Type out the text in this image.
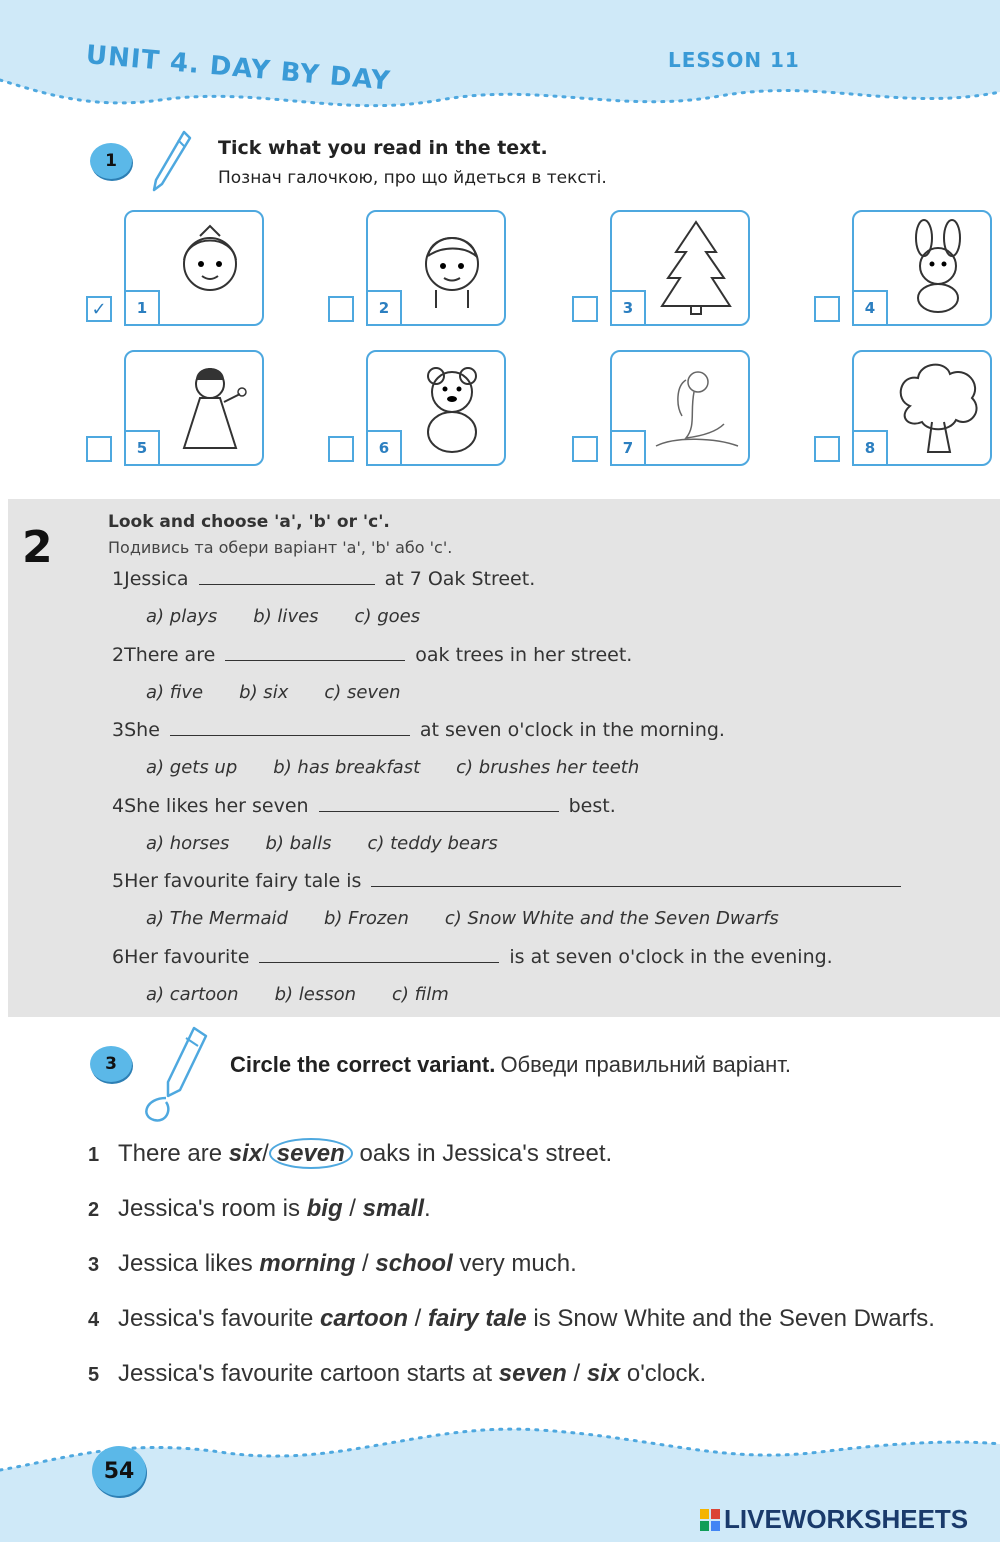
UNIT 4. DAY BY DAY	LESSON 11
1
Tick what you read in the text.
Познач галочкою, про що йдеться в тексті.
✓	1	2	3	4
5	6	7	8
2	Look and choose 'a', 'b' or 'c'.
Подивись та обери варіант 'a', 'b' або 'c'.
1Jessica	at 7 Oak Street.
a) plays b) lives c) goes
2There are	oak trees in her street.
a) five b) six c) seven
3She	at seven o'clock in the morning.
a) gets up b) has breakfast c) brushes her teeth
4She likes her seven	best.
a) horses b) balls c) teddy bears
5Her favourite fairy tale is
a) The Mermaid b) Frozen c) Snow White and the Seven Dwarfs
6Her favourite	is at seven o'clock in the evening.
a) cartoon b) lesson c) film
3	Circle the correct variant. Обведи правильний варіант.
1 There are six/ seven oaks in Jessica's street.
2 Jessica's room is big / small.
3 Jessica likes morning / school very much.
4 Jessica's favourite cartoon / fairy tale is Snow White and the Seven Dwarfs.
5 Jessica's favourite cartoon starts at seven / six o'clock.
54
LIVEWORKSHEETS
